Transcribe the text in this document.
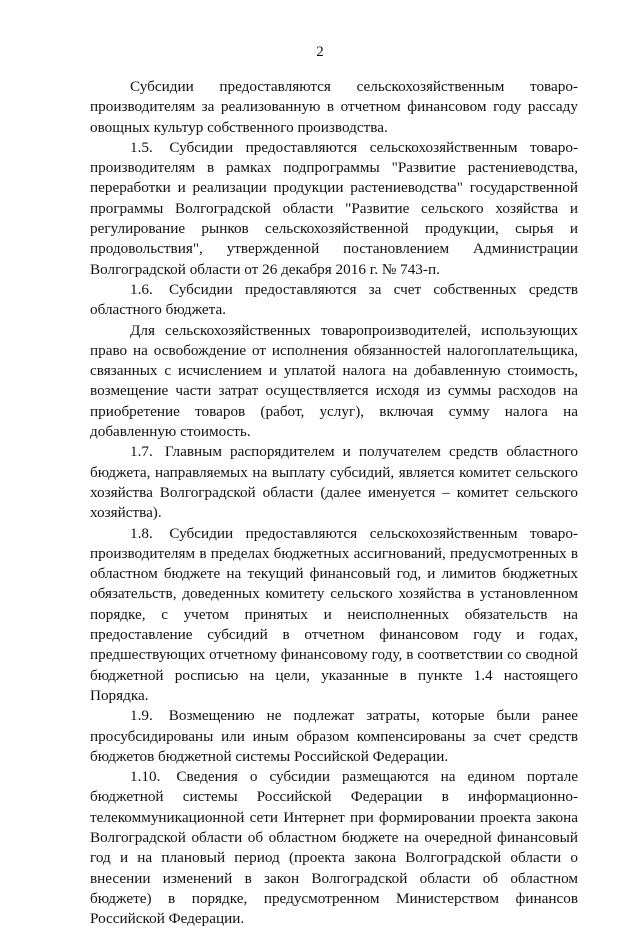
2

Субсидии предоставляются сельскохозяйственным товаро-производителям за реализованную в отчетном финансовом году рассаду овощных культур собственного производства.

1.5. Субсидии предоставляются сельскохозяйственным товаро-производителям в рамках подпрограммы "Развитие растениеводства, переработки и реализации продукции растениеводства" государственной программы Волгоградской области "Развитие сельского хозяйства и регулирование рынков сельскохозяйственной продукции, сырья и продовольствия", утвержденной постановлением Администрации Волгоградской области от 26 декабря 2016 г. № 743-п.

1.6. Субсидии предоставляются за счет собственных средств областного бюджета.

Для сельскохозяйственных товаропроизводителей, использующих право на освобождение от исполнения обязанностей налогоплательщика, связанных с исчислением и уплатой налога на добавленную стоимость, возмещение части затрат осуществляется исходя из суммы расходов на приобретение товаров (работ, услуг), включая сумму налога на добавленную стоимость.

1.7. Главным распорядителем и получателем средств областного бюджета, направляемых на выплату субсидий, является комитет сельского хозяйства Волгоградской области (далее именуется – комитет сельского хозяйства).

1.8. Субсидии предоставляются сельскохозяйственным товаро-производителям в пределах бюджетных ассигнований, предусмотренных в областном бюджете на текущий финансовый год, и лимитов бюджетных обязательств, доведенных комитету сельского хозяйства в установленном порядке, с учетом принятых и неисполненных обязательств на предоставление субсидий в отчетном финансовом году и годах, предшествующих отчетному финансовому году, в соответствии со сводной бюджетной росписью на цели, указанные в пункте 1.4 настоящего Порядка.

1.9. Возмещению не подлежат затраты, которые были ранее просубсидированы или иным образом компенсированы за счет средств бюджетов бюджетной системы Российской Федерации.

1.10. Сведения о субсидии размещаются на едином портале бюджетной системы Российской Федерации в информационно-телекоммуникационной сети Интернет при формировании проекта закона Волгоградской области об областном бюджете на очередной финансовый год и на плановый период (проекта закона Волгоградской области о внесении изменений в закон Волгоградской области об областном бюджете) в порядке, предусмотренном Министерством финансов Российской Федерации.
